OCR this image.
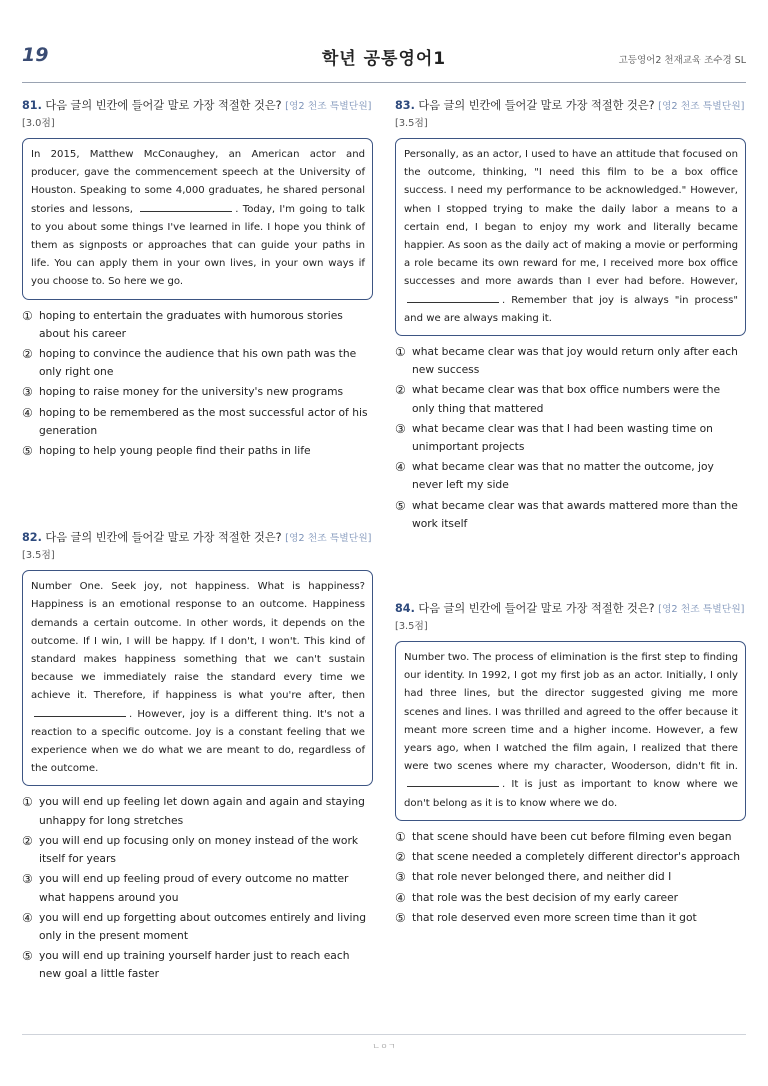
19	학년 공통영어1	고등영어2 천재교육 조수경 SL
81. 다음 글의 빈칸에 들어갈 말로 가장 적절한 것은? [영2 천조 특별단원]
[3.0점]
In 2015, Matthew McConaughey, an American actor and producer, gave the commencement speech at the University of Houston. Speaking to some 4,000 graduates, he shared personal stories and lessons,	. Today, I'm going to talk to you about some things I've learned in life. I hope you think of them as signposts or approaches that can guide your paths in life. You can apply them in your own lives, in your own ways if you choose to. So here we go.
① hoping to entertain the graduates with humorous stories about his career
② hoping to convince the audience that his own path was the only right one
③ hoping to raise money for the university's new programs
④ hoping to be remembered as the most successful actor of his generation
⑤ hoping to help young people find their paths in life
82. 다음 글의 빈칸에 들어갈 말로 가장 적절한 것은? [영2 천조 특별단원]
[3.5점]
Number One. Seek joy, not happiness. What is happiness? Happiness is an emotional response to an outcome. Happiness demands a certain outcome. In other words, it depends on the outcome. If I win, I will be happy. If I don't, I won't. This kind of standard makes happiness something that we can't sustain because we immediately raise the standard every time we achieve it. Therefore, if happiness is what you're after, then . However, joy is a different thing. It's not a reaction to a specific outcome. Joy is a constant feeling that we experience when we do what we are meant to do, regardless of the outcome.
① you will end up feeling let down again and again and staying unhappy for long stretches
② you will end up focusing only on money instead of the work itself for years
③ you will end up feeling proud of every outcome no matter what happens around you
④ you will end up forgetting about outcomes entirely and living only in the present moment
⑤ you will end up training yourself harder just to reach each new goal a little faster
83. 다음 글의 빈칸에 들어갈 말로 가장 적절한 것은? [영2 천조 특별단원]
[3.5점]
Personally, as an actor, I used to have an attitude that focused on the outcome, thinking, "I need this film to be a box office success. I need my performance to be acknowledged." However, when I stopped trying to make the daily labor a means to a certain end, I began to enjoy my work and literally became happier. As soon as the daily act of making a movie or performing a role became its own reward for me, I received more box office successes and more awards than I ever had before. However, . Remember that joy is always "in process" and we are always making it.
① what became clear was that joy would return only after each new success
② what became clear was that box office numbers were the only thing that mattered
③ what became clear was that I had been wasting time on unimportant projects
④ what became clear was that no matter the outcome, joy never left my side
⑤ what became clear was that awards mattered more than the work itself
84. 다음 글의 빈칸에 들어갈 말로 가장 적절한 것은? [영2 천조 특별단원]
[3.5점]
Number two. The process of elimination is the first step to finding our identity. In 1992, I got my first job as an actor. Initially, I only had three lines, but the director suggested giving me more scenes and lines. I was thrilled and agreed to the offer because it meant more screen time and a higher income. However, a few years ago, when I watched the film again, I realized that there were two scenes where my character, Wooderson, didn't fit in. . It is just as important to know where we don't belong as it is to know where we do.
① that scene should have been cut before filming even began
② that scene needed a completely different director's approach
③ that role never belonged there, and neither did I
④ that role was the best decision of my early career
⑤ that role deserved even more screen time than it got
ㄴㅇㄱ
